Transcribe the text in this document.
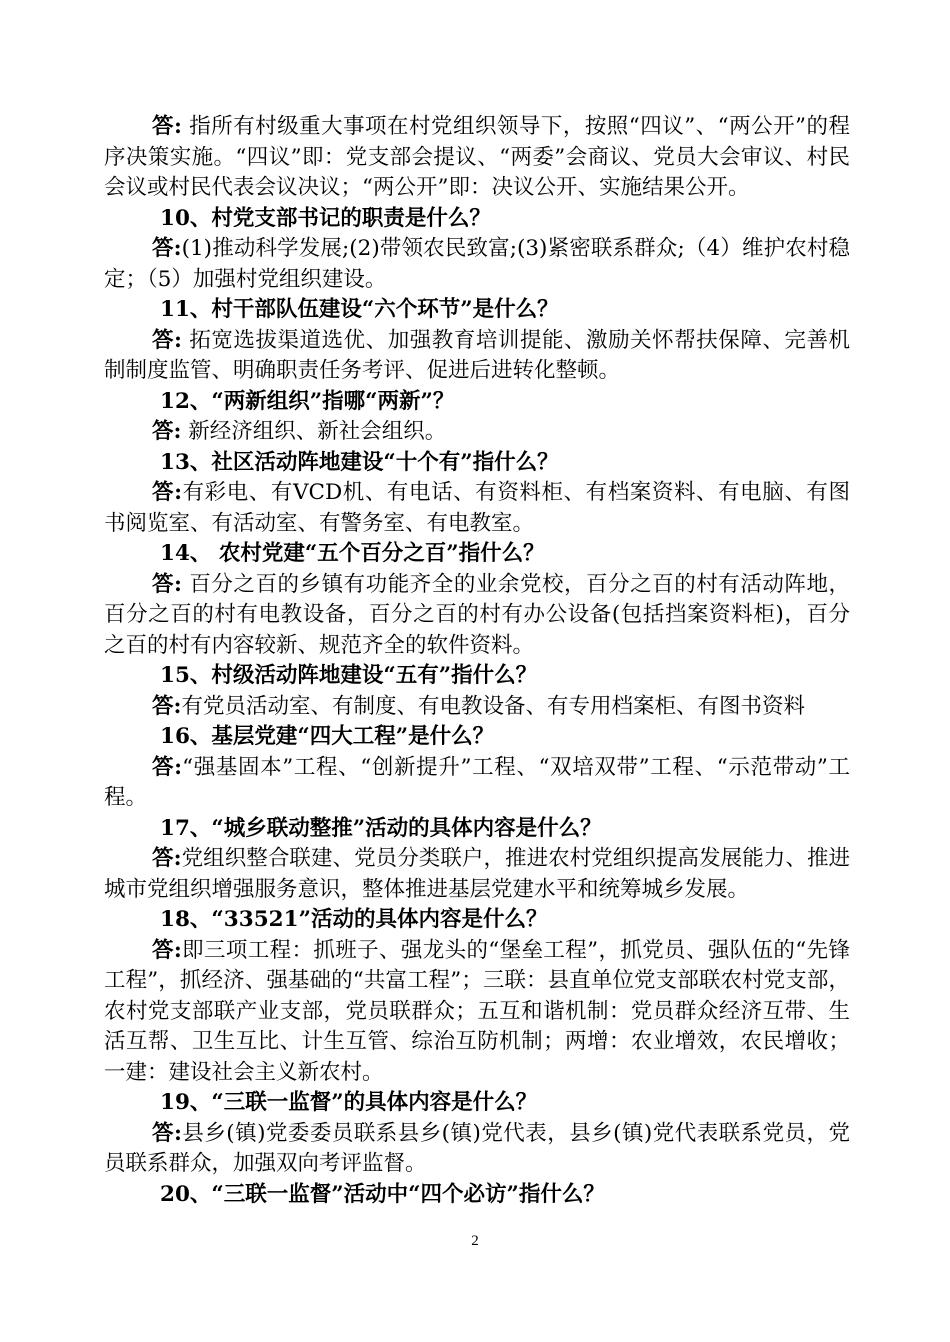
答: 指所有村级重大事项在村党组织领导下，按照“四议”、“两公开”的程序决策实施。“四议”即：党支部会提议、“两委”会商议、党员大会审议、村民会议或村民代表会议决议；“两公开”即：决议公开、实施结果公开。

10、村党支部书记的职责是什么？

答:(1)推动科学发展;(2)带领农民致富;(3)紧密联系群众;（4）维护农村稳定；（5）加强村党组织建设。

11、村干部队伍建设“六个环节”是什么？

答: 拓宽选拔渠道选优、加强教育培训提能、激励关怀帮扶保障、完善机制制度监管、明确职责任务考评、促进后进转化整顿。

12、“两新组织”指哪“两新”？

答: 新经济组织、新社会组织。

13、社区活动阵地建设“十个有”指什么？

答:有彩电、有VCD机、有电话、有资料柜、有档案资料、有电脑、有图书阅览室、有活动室、有警务室、有电教室。

14、 农村党建“五个百分之百”指什么？

答: 百分之百的乡镇有功能齐全的业余党校，百分之百的村有活动阵地，百分之百的村有电教设备，百分之百的村有办公设备(包括挡案资料柜)，百分之百的村有内容较新、规范齐全的软件资料。

15、村级活动阵地建设“五有”指什么？

答:有党员活动室、有制度、有电教设备、有专用档案柜、有图书资料

16、基层党建“四大工程”是什么？

答:“强基固本”工程、“创新提升”工程、“双培双带”工程、“示范带动”工程。

17、“城乡联动整推”活动的具体内容是什么？

答:党组织整合联建、党员分类联户，推进农村党组织提高发展能力、推进城市党组织增强服务意识，整体推进基层党建水平和统筹城乡发展。

18、“33521”活动的具体内容是什么？

答:即三项工程：抓班子、强龙头的“堡垒工程”，抓党员、强队伍的“先锋工程”，抓经济、强基础的“共富工程”；三联：县直单位党支部联农村党支部，农村党支部联产业支部，党员联群众；五互和谐机制：党员群众经济互带、生活互帮、卫生互比、计生互管、综治互防机制；两增：农业增效，农民增收；一建：建设社会主义新农村。

19、“三联一监督”的具体内容是什么？

答:县乡(镇)党委委员联系县乡(镇)党代表，县乡(镇)党代表联系党员，党员联系群众，加强双向考评监督。

20、“三联一监督”活动中“四个必访”指什么？

2
